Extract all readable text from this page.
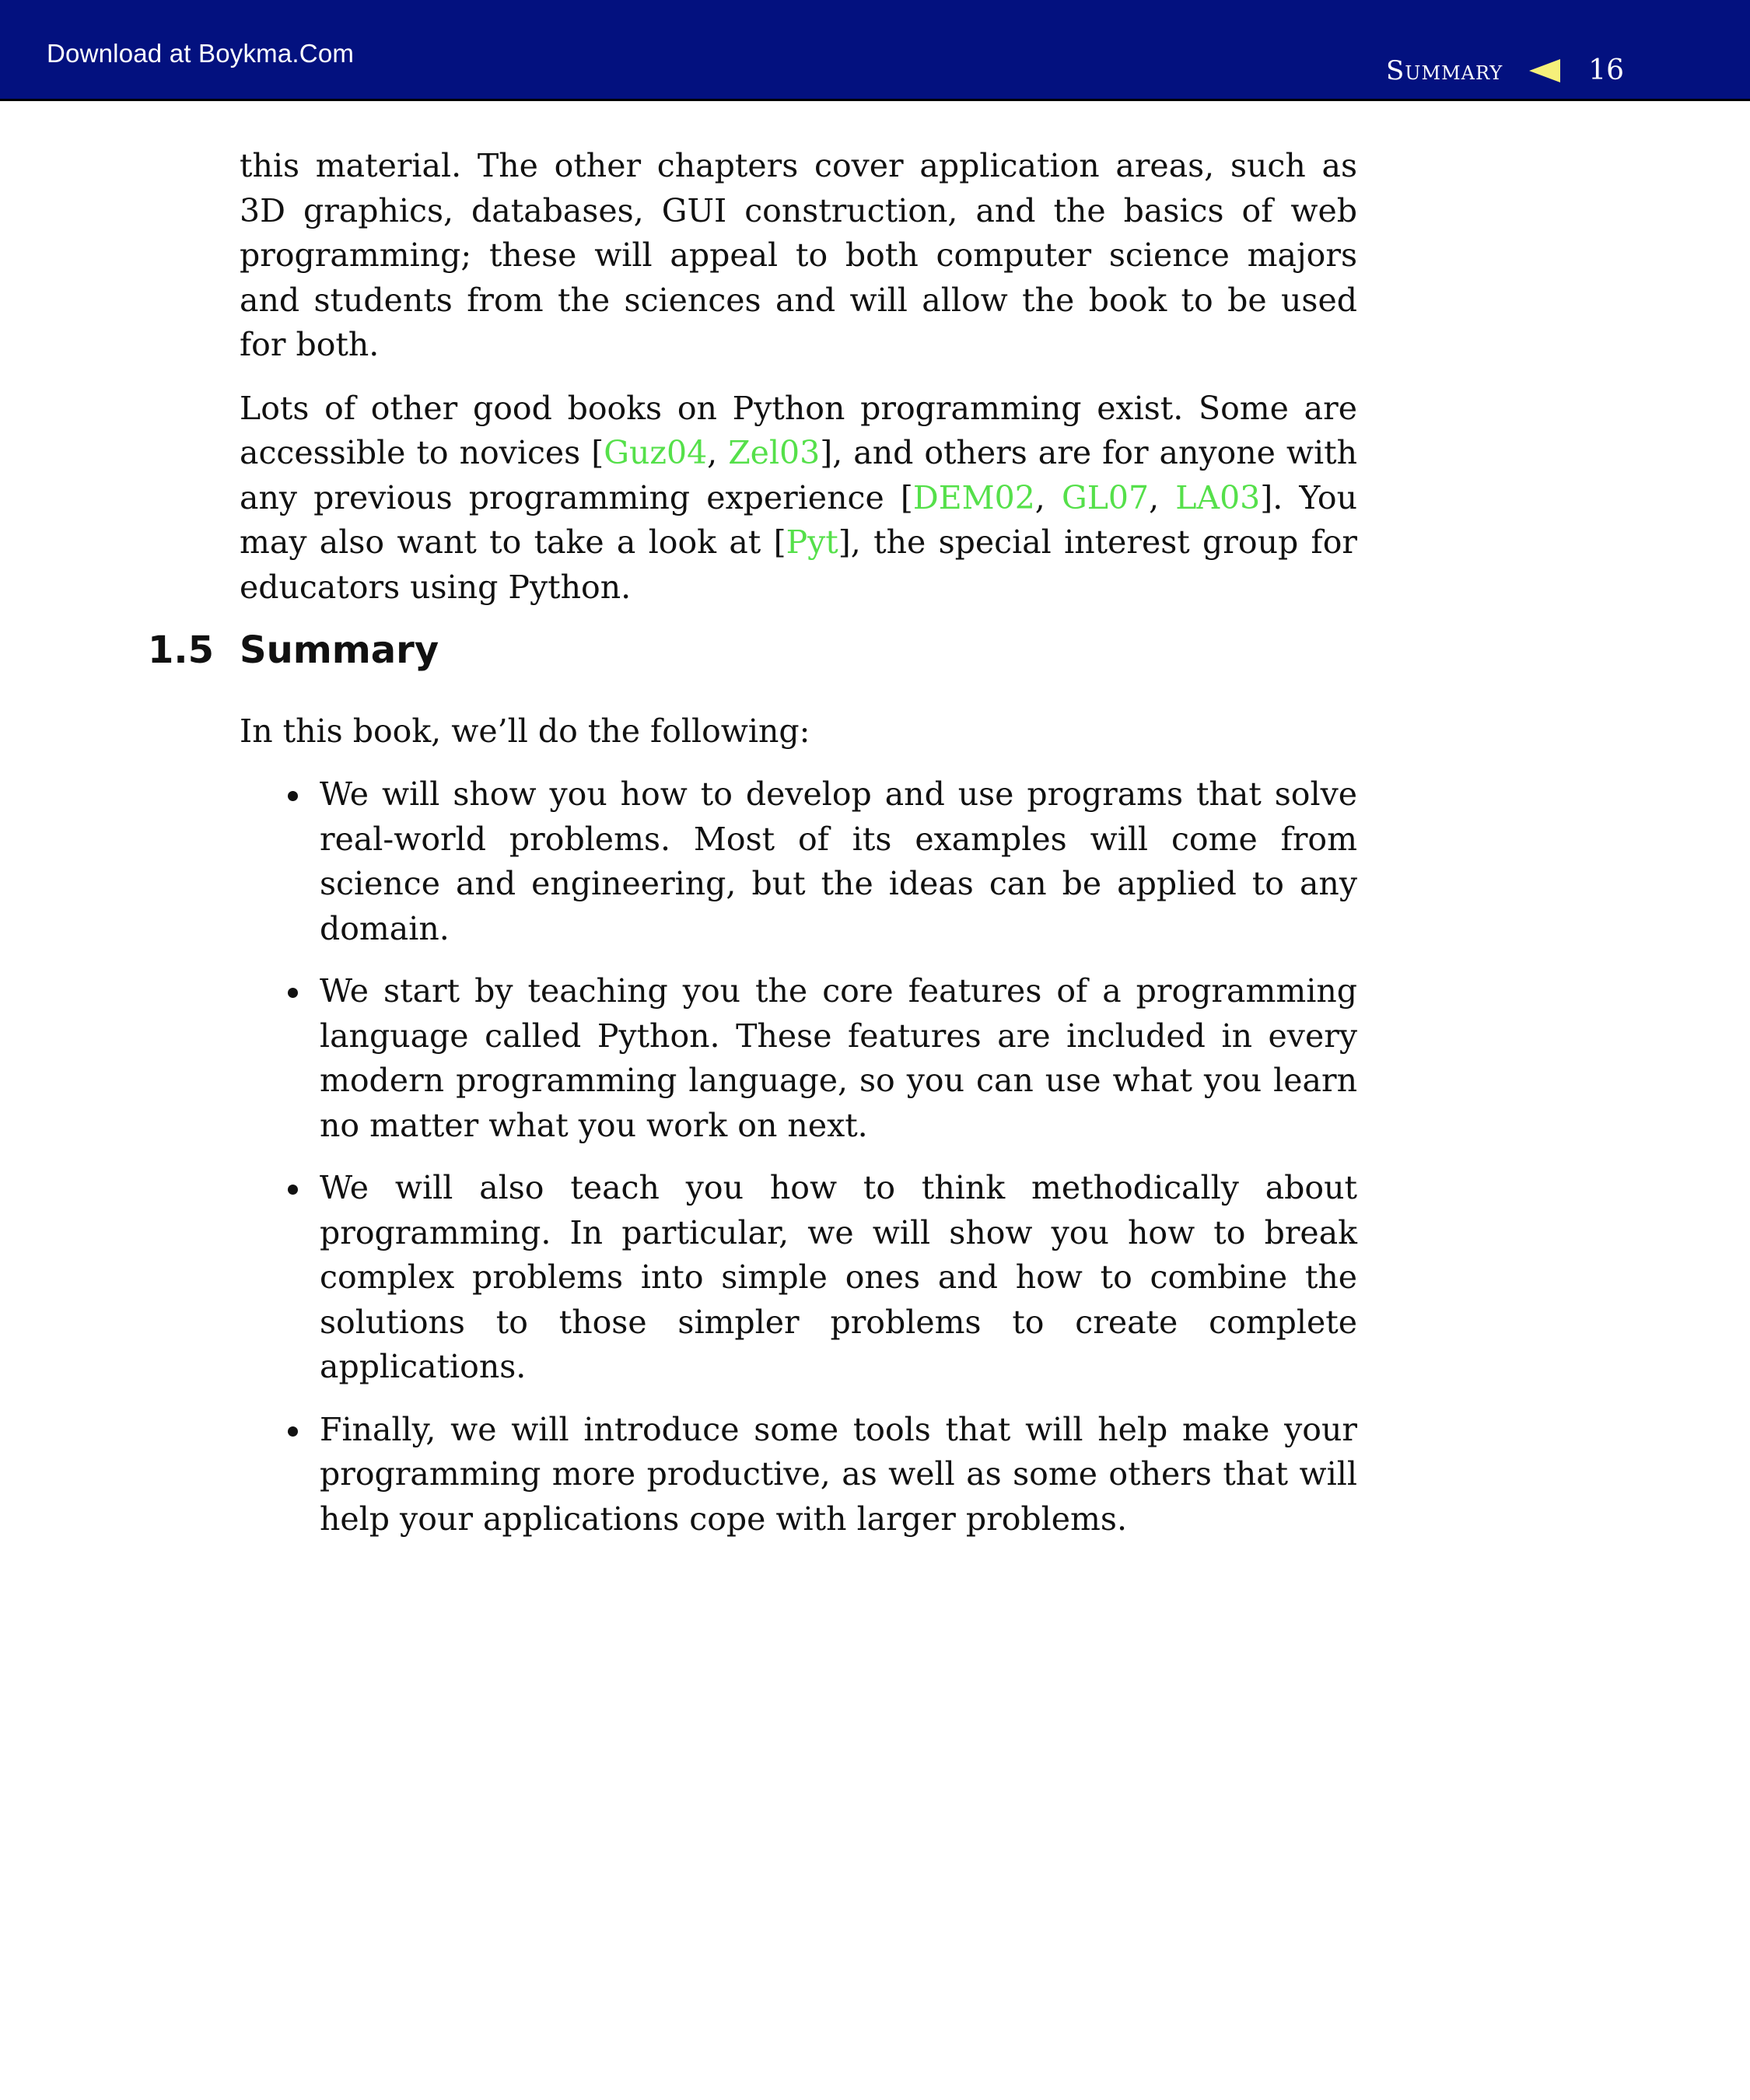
Download at Boykma.Com
Summary	16

this material. The other chapters cover application areas, such as 3D graphics, databases, GUI construction, and the basics of web programming; these will appeal to both computer science majors and students from the sciences and will allow the book to be used for both.

Lots of other good books on Python programming exist. Some are accessible to novices [Guz04, Zel03], and others are for anyone with any previous programming experience [DEM02, GL07, LA03]. You may also want to take a look at [Pyt], the special interest group for educators using Python.

1.5 Summary
In this book, we’ll do the following:
We will show you how to develop and use programs that solve real-world problems. Most of its examples will come from science and engineering, but the ideas can be applied to any domain.
We start by teaching you the core features of a programming language called Python. These features are included in every modern programming language, so you can use what you learn no matter what you work on next.
We will also teach you how to think methodically about programming. In particular, we will show you how to break complex problems into simple ones and how to combine the solutions to those simpler problems to create complete applications.
Finally, we will introduce some tools that will help make your programming more productive, as well as some others that will help your applications cope with larger problems.
